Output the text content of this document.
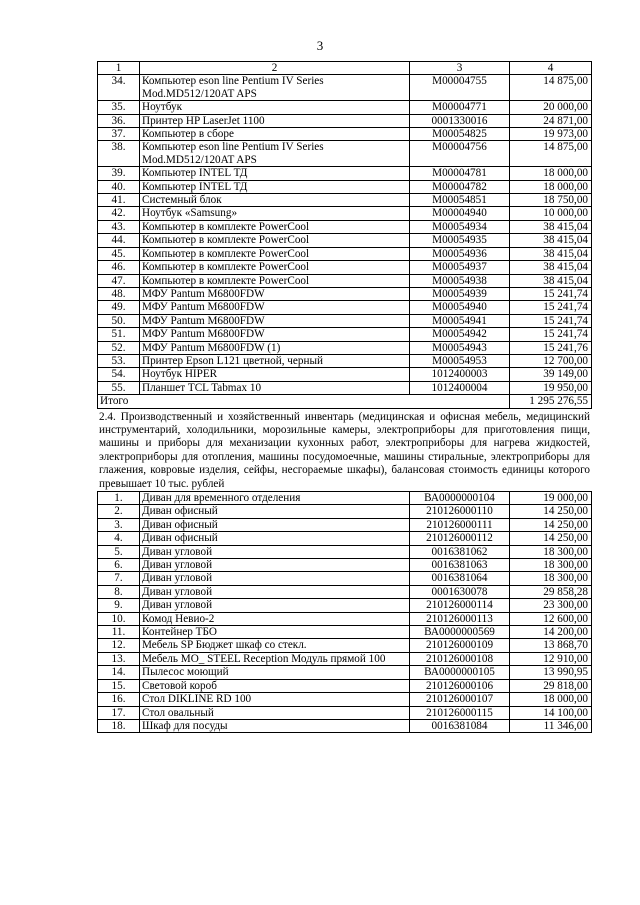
3
1	2	3	4
34.	Компьютер eson line Pentium IV Series Mod.MD512/120AT APS	M00004755	14 875,00
35.	Ноутбук	M00004771	20 000,00
36.	Принтер HP LaserJet 1100	0001330016	24 871,00
37.	Компьютер в сборе	M00054825	19 973,00
38.	Компьютер eson line Pentium IV Series Mod.MD512/120AT APS	M00004756	14 875,00
39.	Компьютер INTEL ТД	M00004781	18 000,00
40.	Компьютер INTEL ТД	M00004782	18 000,00
41.	Системный блок	M00054851	18 750,00
42.	Ноутбук «Samsung»	M00004940	10 000,00
43.	Компьютер в комплекте PowerCool	M00054934	38 415,04
44.	Компьютер в комплекте PowerCool	M00054935	38 415,04
45.	Компьютер в комплекте PowerCool	M00054936	38 415,04
46.	Компьютер в комплекте PowerCool	M00054937	38 415,04
47.	Компьютер в комплекте PowerCool	M00054938	38 415,04
48.	МФУ Pantum M6800FDW	M00054939	15 241,74
49.	МФУ Pantum M6800FDW	M00054940	15 241,74
50.	МФУ Pantum M6800FDW	M00054941	15 241,74
51.	МФУ Pantum M6800FDW	M00054942	15 241,74
52.	МФУ Pantum M6800FDW (1)	M00054943	15 241,76
53.	Принтер Epson L121 цветной, черный	M00054953	12 700,00
54.	Ноутбук HIPER	1012400003	39 149,00
55.	Планшет TCL Tabmax 10	1012400004	19 950,00
Итого			1 295 276,55
2.4. Производственный и хозяйственный инвентарь (медицинская и офисная мебель, медицинский инструментарий, холодильники, морозильные камеры, электроприборы для приготовления пищи, машины и приборы для механизации кухонных работ, электроприборы для нагрева жидкостей, электроприборы для отопления, машины посудомоечные, машины стиральные, электроприборы для глажения, ковровые изделия, сейфы, несгораемые шкафы), балансовая стоимость единицы которого превышает 10 тыс. рублей
1.	Диван для временного отделения	ВА0000000104	19 000,00
2.	Диван офисный	210126000110	14 250,00
3.	Диван офисный	210126000111	14 250,00
4.	Диван офисный	210126000112	14 250,00
5.	Диван угловой	0016381062	18 300,00
6.	Диван угловой	0016381063	18 300,00
7.	Диван угловой	0016381064	18 300,00
8.	Диван угловой	0001630078	29 858,28
9.	Диван угловой	210126000114	23 300,00
10.	Комод Невио-2	210126000113	12 600,00
11.	Контейнер ТБО	ВА0000000569	14 200,00
12.	Мебель SP Бюджет шкаф со стекл.	210126000109	13 868,70
13.	Мебель МО_ STEEL Reception Модуль прямой 100	210126000108	12 910,00
14.	Пылесос моющий	ВА0000000105	13 990,95
15.	Световой короб	210126000106	29 818,00
16.	Стол DIKLINE RD 100	210126000107	18 000,00
17.	Стол овальный	210126000115	14 100,00
18.	Шкаф для посуды	0016381084	11 346,00
